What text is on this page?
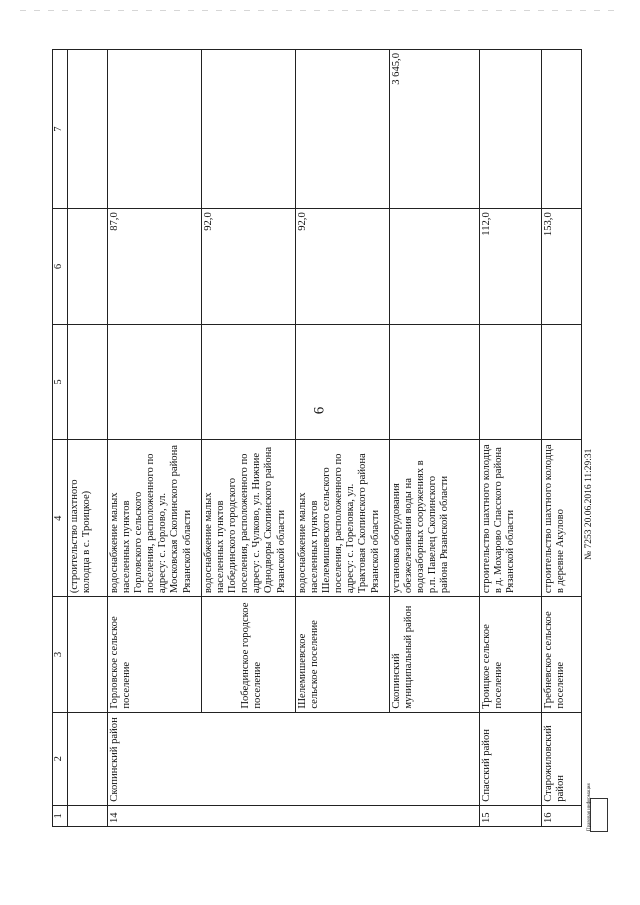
6
1	2	3	4	5	6	7
			(строительство шахтного колодца в с. Троицкое)			
14	Скопинский район	Горловское сельское поселение	водоснабжение малых населенных пунктов Горловского сельского поселения, расположенного по адресу: с. Горлово, ул. Московская Скопинского района Рязанской области		87,0	
		Побединское городское поселение	водоснабжение малых населенных пунктов Побединского городского поселения, расположенного по адресу: с. Чулково, ул. Нижние Однодворы Скопинского района Рязанской области		92,0	
		Шелемишевское сельское поселение	водоснабжение малых населенных пунктов Шелемишевского сельского поселения, расположенного по адресу: с. Гореловка, ул. Трактовая Скопинского района Рязанской области		92,0	
		Скопинский муниципальный район	установка оборудования обезжелезивания воды на водозаборных сооружениях в р.п. Павелец Скопинского района Рязанской области			3 645,0
15	Спасский район	Троицкое сельское поселение	строительство шахтного колодца в д. Мохарово Спасского района Рязанской области		112,0	
16	Старожиловский район	Гребневское сельское поселение	строительство шахтного колодца в деревне Акулово		153,0	
Правовая информация
№ 7253 20.06.2016 11:29:31
